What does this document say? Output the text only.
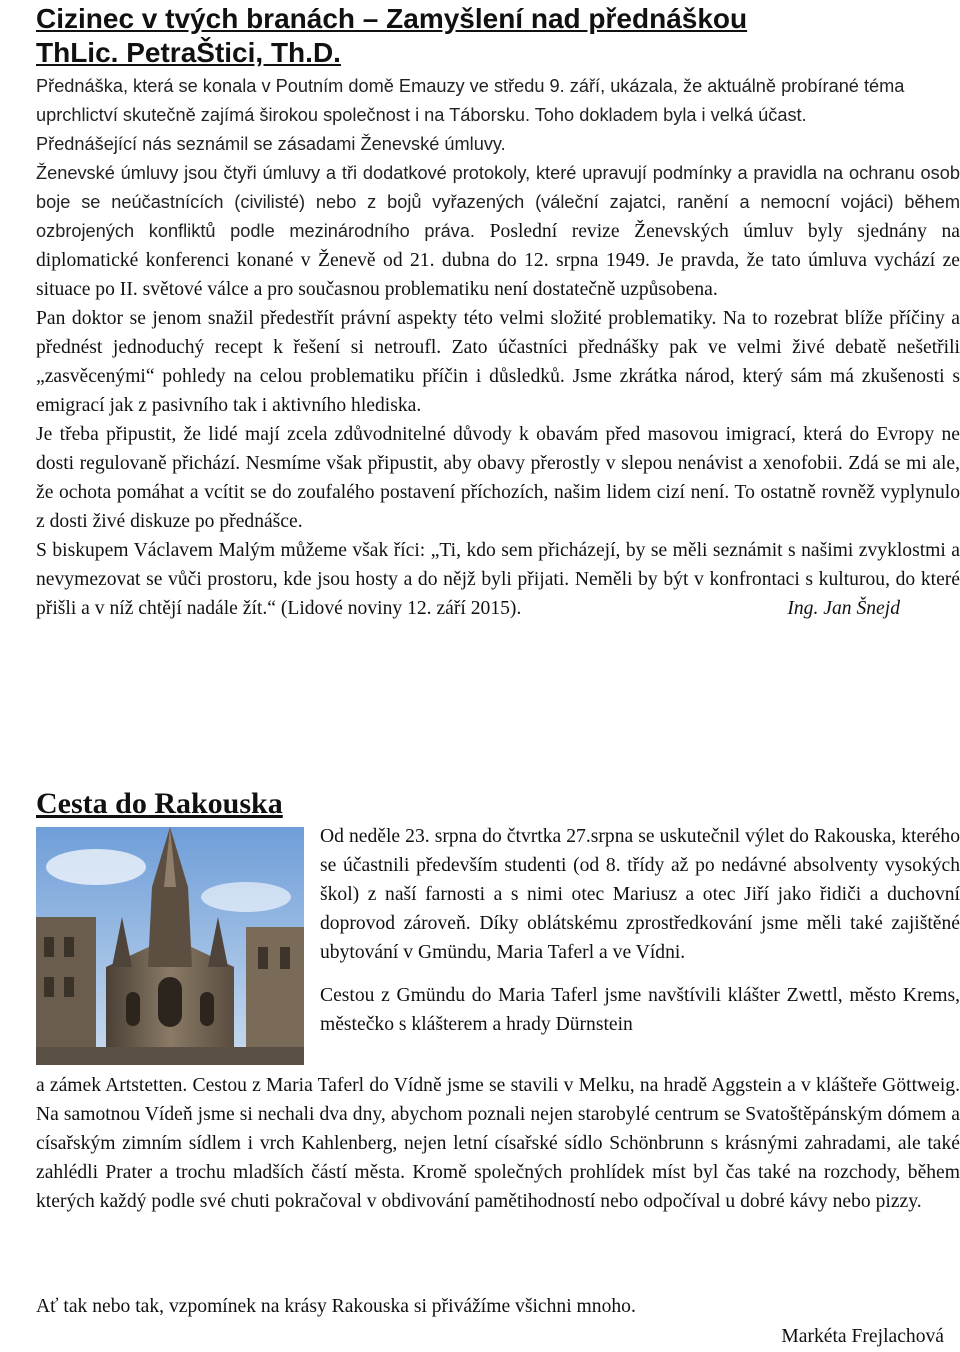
Cizinec v tvých branách – Zamyšlení nad přednáškou
ThLic. PetraŠtici, Th.D.

Přednáška, která se konala v Poutním domě Emauzy ve středu 9. září, ukázala, že aktuálně probírané téma uprchlictví skutečně zajímá širokou společnost i na Táborsku. Toho dokladem byla i velká účast.

Přednášející nás seznámil se zásadami Ženevské úmluvy.

Ženevské úmluvy jsou čtyři úmluvy a tři dodatkové protokoly, které upravují podmínky a pravidla na ochranu osob boje se neúčastnících (civilisté) nebo z bojů vyřazených (váleční zajatci, ranění a nemocní vojáci) během ozbrojených konfliktů podle mezinárodního práva. Poslední revize Ženevských úmluv byly sjednány na diplomatické konferenci konané v Ženevě od 21. dubna do 12. srpna 1949. Je pravda, že tato úmluva vychází ze situace po II. světové válce a pro současnou problematiku není dostatečně uzpůsobena.

Pan doktor se jenom snažil předestřít právní aspekty této velmi složité problematiky. Na to rozebrat blíže příčiny a přednést jednoduchý recept k řešení si netroufl. Zato účastníci přednášky pak ve velmi živé debatě nešetřili „zasvěcenými“ pohledy na celou problematiku příčin i důsledků. Jsme zkrátka národ, který sám má zkušenosti s emigrací jak z pasivního tak i aktivního hlediska.

Je třeba připustit, že lidé mají zcela zdůvodnitelné důvody k obavám před masovou imigrací, která do Evropy ne dosti regulovaně přichází. Nesmíme však připustit, aby obavy přerostly v slepou nenávist a xenofobii. Zdá se mi ale, že ochota pomáhat a vcítit se do zoufalého postavení příchozích, našim lidem cizí není. To ostatně rovněž vyplynulo z dosti živé diskuze po přednášce.

S biskupem Václavem Malým můžeme však říci: „Ti, kdo sem přicházejí, by se měli seznámit s našimi zvyklostmi a nevymezovat se vůči prostoru, kde jsou hosty a do nějž byli přijati. Neměli by být v konfrontaci s kulturou, do které přišli a v níž chtějí nadále žít.“ (Lidové noviny 12. září 2015).	Ing. Jan Šnejd

Cesta do Rakouska

Od neděle 23. srpna do čtvrtka 27.srpna se uskutečnil výlet do Rakouska, kterého se účastnili především studenti (od 8. třídy až po nedávné absolventy vysokých škol) z naší farnosti a s nimi otec Mariusz a otec Jiří jako řidiči a duchovní doprovod zároveň. Díky oblátskému zprostředkování jsme měli také zajištěné ubytování v Gmündu, Maria Taferl a ve Vídni.

Cestou z Gmündu do Maria Taferl jsme navštívili klášter Zwettl, město Krems, městečko s klášterem a hrady Dürnstein

a zámek Artstetten. Cestou z Maria Taferl do Vídně jsme se stavili v Melku, na hradě Aggstein a v klášteře Göttweig. Na samotnou Vídeň jsme si nechali dva dny, abychom poznali nejen starobylé centrum se Svatoštěpánským dómem a císařským zimním sídlem i vrch Kahlenberg, nejen letní císařské sídlo Schönbrunn s krásnými zahradami, ale také zahlédli Prater a trochu mladších částí města. Kromě společných prohlídek míst byl čas také na rozchody, během kterých každý podle své chuti pokračoval v obdivování pamětihodností nebo odpočíval u dobré kávy nebo pizzy.

Ať tak nebo tak, vzpomínek na krásy Rakouska si přivážíme všichni mnoho.

Markéta Frejlachová
